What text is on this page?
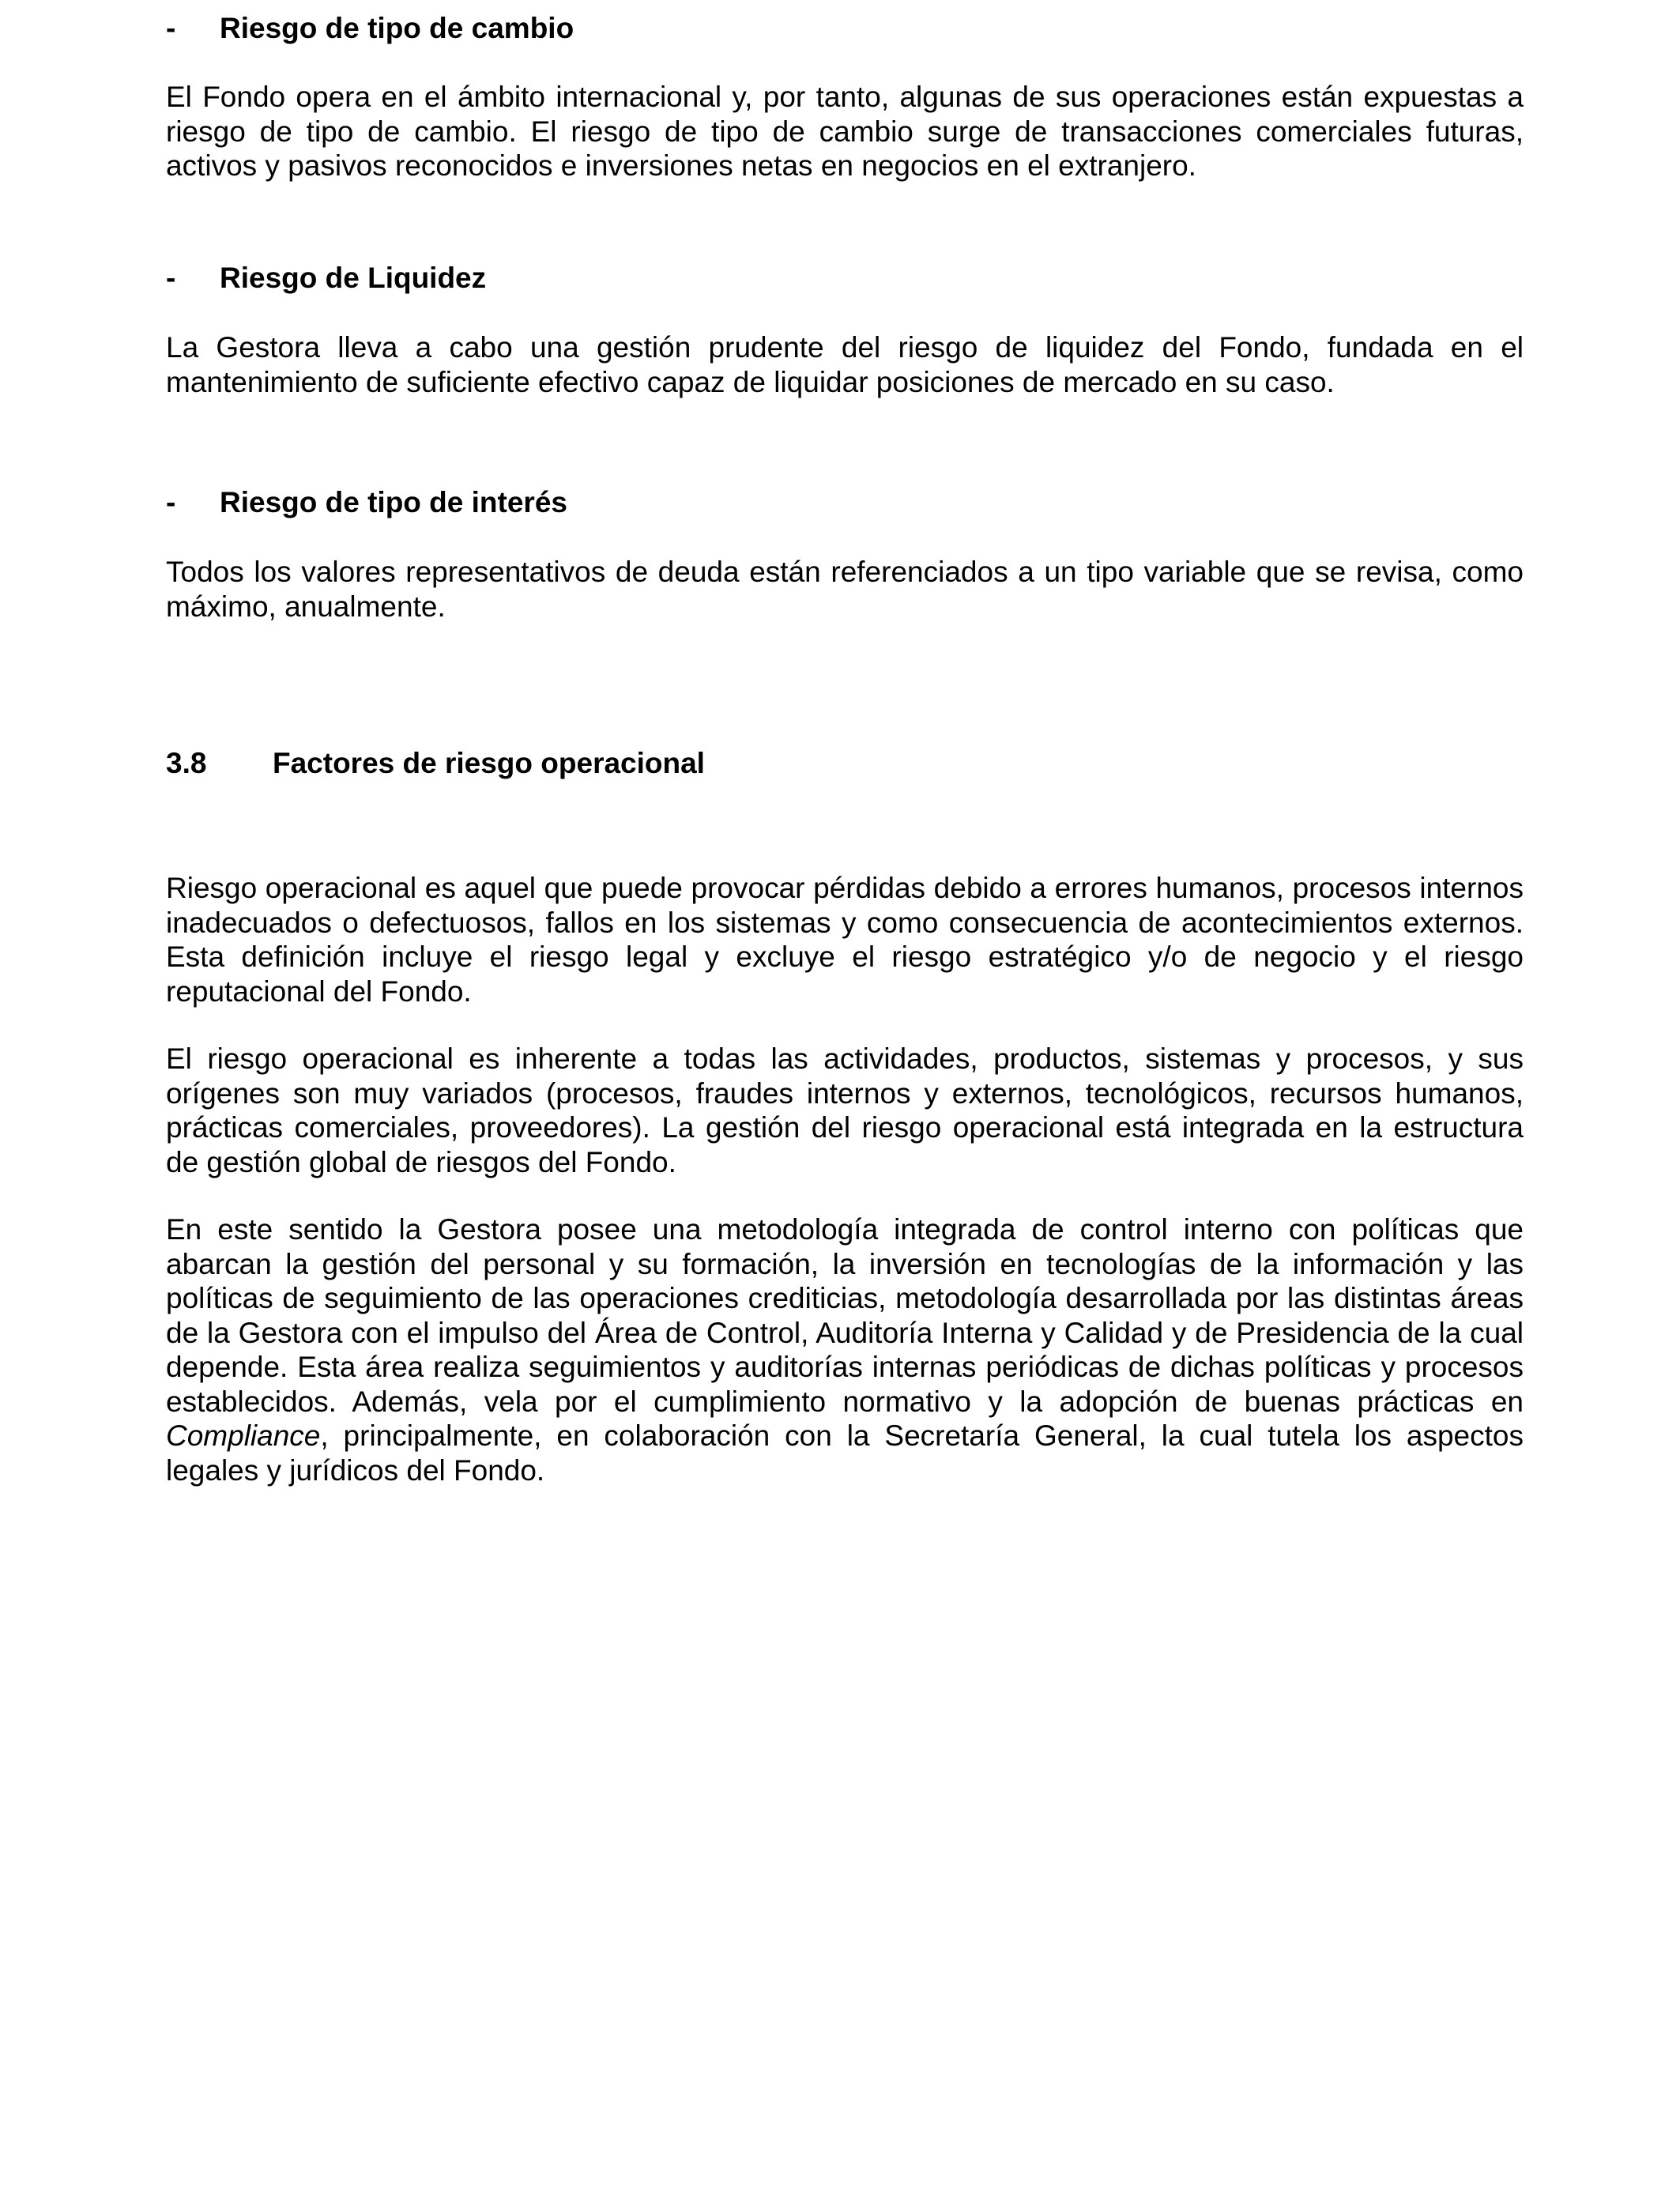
- Riesgo de tipo de cambio

El Fondo opera en el ámbito internacional y, por tanto, algunas de sus operaciones están expuestas a riesgo de tipo de cambio. El riesgo de tipo de cambio surge de transacciones comerciales futuras, activos y pasivos reconocidos e inversiones netas en negocios en el extranjero.

- Riesgo de Liquidez

La Gestora lleva a cabo una gestión prudente del riesgo de liquidez del Fondo, fundada en el mantenimiento de suficiente efectivo capaz de liquidar posiciones de mercado en su caso.

- Riesgo de tipo de interés

Todos los valores representativos de deuda están referenciados a un tipo variable que se revisa, como máximo, anualmente.

3.8 Factores de riesgo operacional

Riesgo operacional es aquel que puede provocar pérdidas debido a errores humanos, procesos internos inadecuados o defectuosos, fallos en los sistemas y como consecuencia de acontecimientos externos. Esta definición incluye el riesgo legal y excluye el riesgo estratégico y/o de negocio y el riesgo reputacional del Fondo.

El riesgo operacional es inherente a todas las actividades, productos, sistemas y procesos, y sus orígenes son muy variados (procesos, fraudes internos y externos, tecnológicos, recursos humanos, prácticas comerciales, proveedores). La gestión del riesgo operacional está integrada en la estructura de gestión global de riesgos del Fondo.

En este sentido la Gestora posee una metodología integrada de control interno con políticas que abarcan la gestión del personal y su formación, la inversión en tecnologías de la información y las políticas de seguimiento de las operaciones crediticias, metodología desarrollada por las distintas áreas de la Gestora con el impulso del Área de Control, Auditoría Interna y Calidad y de Presidencia de la cual depende. Esta área realiza seguimientos y auditorías internas periódicas de dichas políticas y procesos establecidos. Además, vela por el cumplimiento normativo y la adopción de buenas prácticas en Compliance, principalmente, en colaboración con la Secretaría General, la cual tutela los aspectos legales y jurídicos del Fondo.
